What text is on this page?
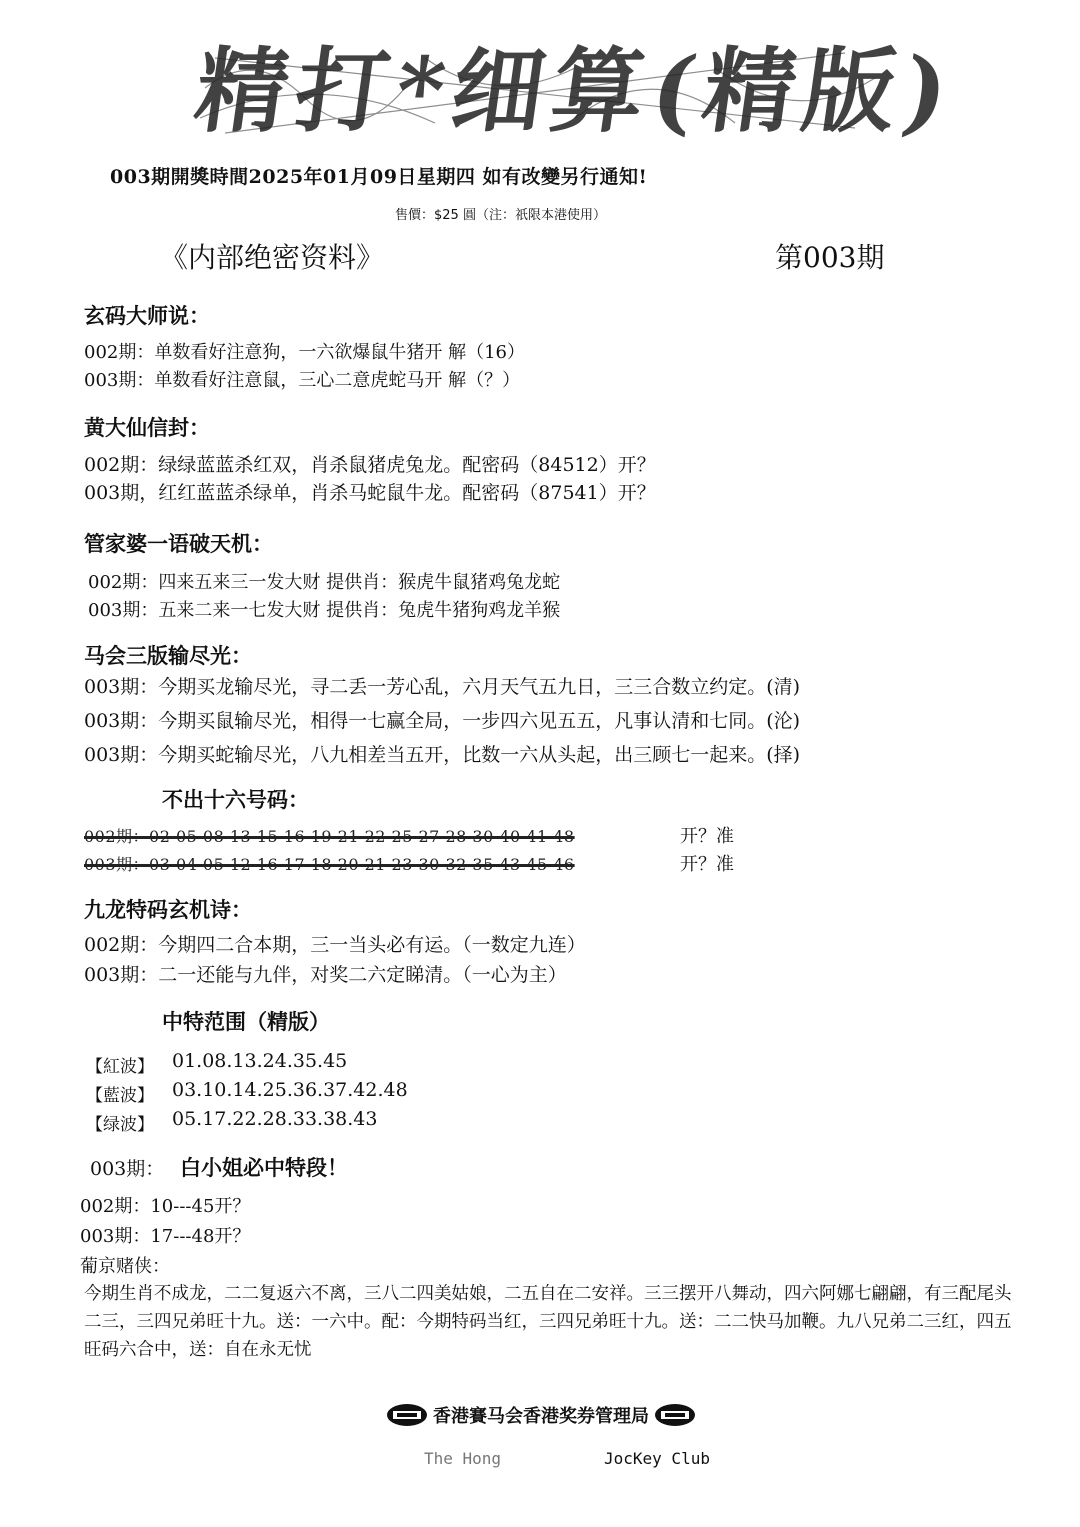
精打*细算(精版)
003期開獎時間2025年01月09日星期四 如有改變另行通知!
售價：$25 圓（注：祇限本港使用）
《内部绝密资料》	第003期
玄码大师说：
002期：单数看好注意狗，一六欲爆鼠牛猪开 解（16）
003期：单数看好注意鼠，三心二意虎蛇马开 解（？）
黄大仙信封：
002期：绿绿蓝蓝杀红双，肖杀鼠猪虎兔龙。配密码（84512）开？
003期，红红蓝蓝杀绿单，肖杀马蛇鼠牛龙。配密码（87541）开？
管家婆一语破天机：
002期：四来五来三一发大财 提供肖：猴虎牛鼠猪鸡兔龙蛇
003期：五来二来一七发大财 提供肖：兔虎牛猪狗鸡龙羊猴
马会三版输尽光：
003期：今期买龙输尽光，寻二丢一芳心乱，六月天气五九日，三三合数立约定。(清)
003期：今期买鼠输尽光，相得一七赢全局，一步四六见五五，凡事认清和七同。(沦)
003期：今期买蛇输尽光，八九相差当五开，比数一六从头起，出三顾七一起来。(择)
不出十六号码：
002期：02 05 08 13 15 16 19 21 22 25 27 28 30 40 41 48	开？准
003期：03 04 05 12 16 17 18 20 21 23 30 32 35 43 45 46	开？准
九龙特码玄机诗：
002期：今期四二合本期，三一当头必有运。（一数定九连）
003期：二一还能与九伴，对奖二六定睇清。（一心为主）
中特范围（精版）
【紅波】 01.08.13.24.35.45
【藍波】 03.10.14.25.36.37.42.48
【绿波】 05.17.22.28.33.38.43
003期： 白小姐必中特段！
002期：10---45开？
003期：17---48开？
葡京赌侠：
今期生肖不成龙，二二复返六不离，三八二四美姑娘，二五自在二安祥。三三摆开八舞动，四六阿娜七翩翩，有三配尾头二三，三四兄弟旺十九。送：一六中。配：今期特码当红，三四兄弟旺十九。送：二二快马加鞭。九八兄弟二三红，四五旺码六合中，送：自在永无忧
香港賽马会香港奖券管理局
The Hong	JocKey Club
